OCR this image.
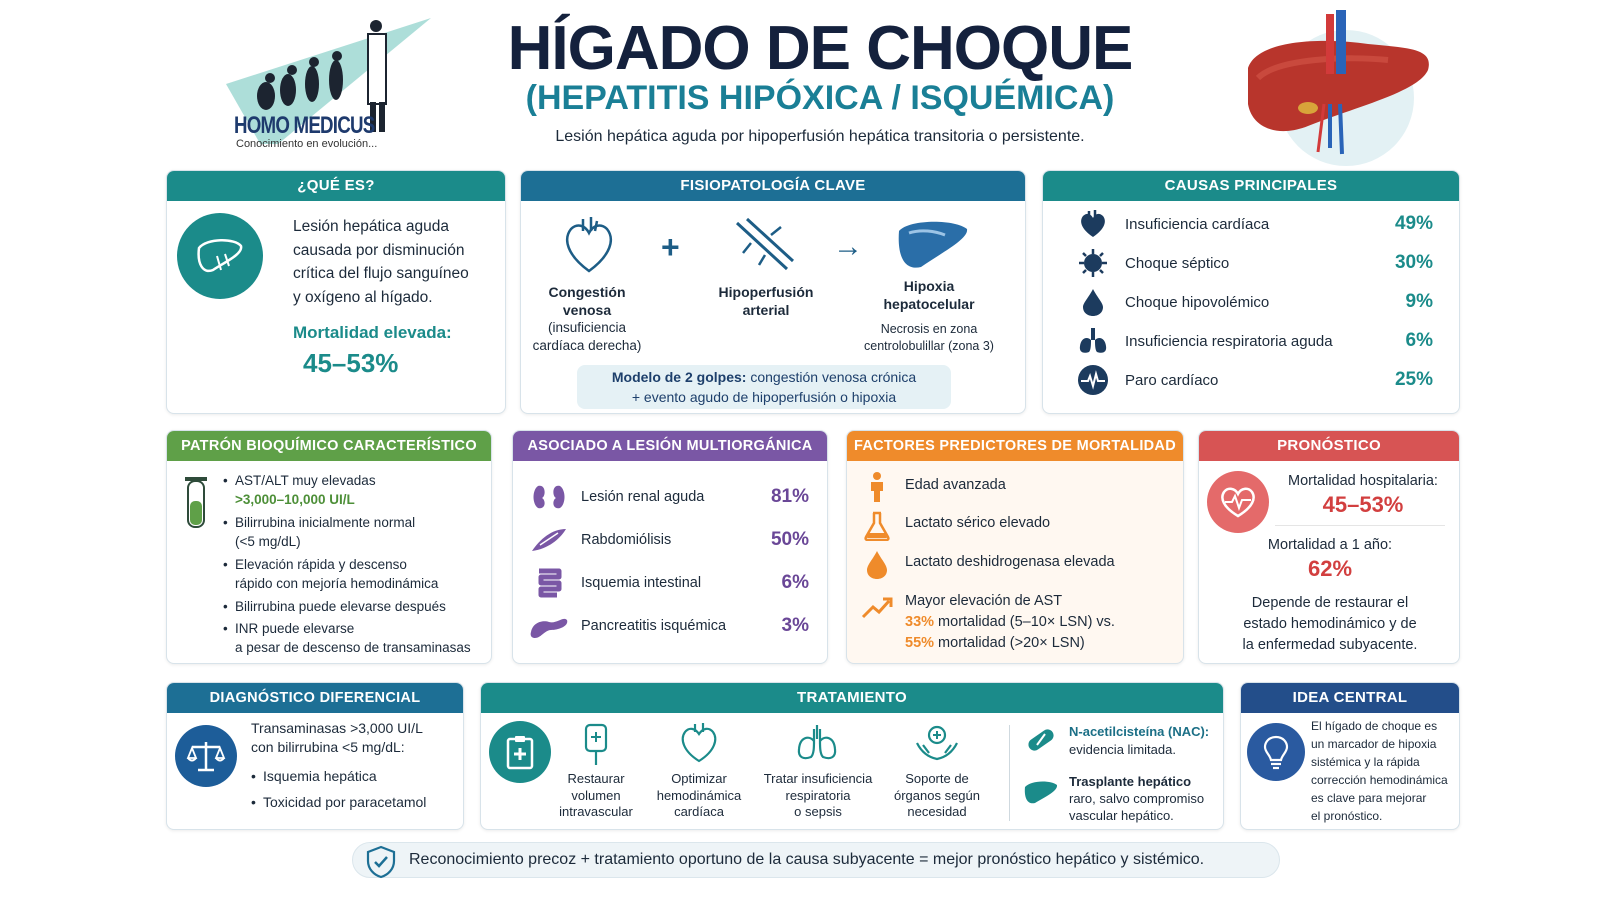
HOMO MEDICUS
Conocimiento en evolución...
HÍGADO DE CHOQUE
(HEPATITIS HIPÓXICA / ISQUÉMICA)
Lesión hepática aguda por hipoperfusión hepática transitoria o persistente.
¿QUÉ ES?
Lesión hepática aguda
causada por disminución
crítica del flujo sanguíneo
y oxígeno al hígado.
Mortalidad elevada:
45–53%
FISIOPATOLOGÍA CLAVE
Congestión
venosa
(insuficiencia
cardíaca derecha)
+
Hipoperfusión
arterial
→
Hipoxia
hepatocelular
Necrosis en zona
centrolobulillar (zona 3)
Modelo de 2 golpes: congestión venosa crónica
+ evento agudo de hipoperfusión o hipoxia
CAUSAS PRINCIPALES
Insuficiencia cardíaca	49%
Choque séptico	30%
Choque hipovolémico	9%
Insuficiencia respiratoria aguda	6%
Paro cardíaco	25%
PATRÓN BIOQUÍMICO CARACTERÍSTICO
• AST/ALT muy elevadas
>3,000–10,000 UI/L
• Bilirrubina inicialmente normal
(<5 mg/dL)
• Elevación rápida y descenso
rápido con mejoría hemodinámica
• Bilirrubina puede elevarse después
• INR puede elevarse
a pesar de descenso de transaminasas
ASOCIADO A LESIÓN MULTIORGÁNICA
Lesión renal aguda	81%
Rabdomiólisis	50%
Isquemia intestinal	6%
Pancreatitis isquémica	3%
FACTORES PREDICTORES DE MORTALIDAD
Edad avanzada
Lactato sérico elevado
Lactato deshidrogenasa elevada
Mayor elevación de AST
33% mortalidad (5–10× LSN) vs.
55% mortalidad (>20× LSN)
PRONÓSTICO
Mortalidad hospitalaria:
45–53%
Mortalidad a 1 año:
62%
Depende de restaurar el
estado hemodinámico y de
la enfermedad subyacente.
DIAGNÓSTICO DIFERENCIAL
Transaminasas >3,000 UI/L
con bilirrubina <5 mg/dL:
• Isquemia hepática
• Toxicidad por paracetamol
TRATAMIENTO
Restaurar
volumen
intravascular
Optimizar
hemodinámica
cardíaca
Tratar insuficiencia
respiratoria
o sepsis
Soporte de
órganos según
necesidad
N-acetilcisteína (NAC):
evidencia limitada.
Trasplante hepático
raro, salvo compromiso
vascular hepático.
IDEA CENTRAL
El hígado de choque es
un marcador de hipoxia
sistémica y la rápida
corrección hemodinámica
es clave para mejorar
el pronóstico.
Reconocimiento precoz + tratamiento oportuno de la causa subyacente = mejor pronóstico hepático y sistémico.
